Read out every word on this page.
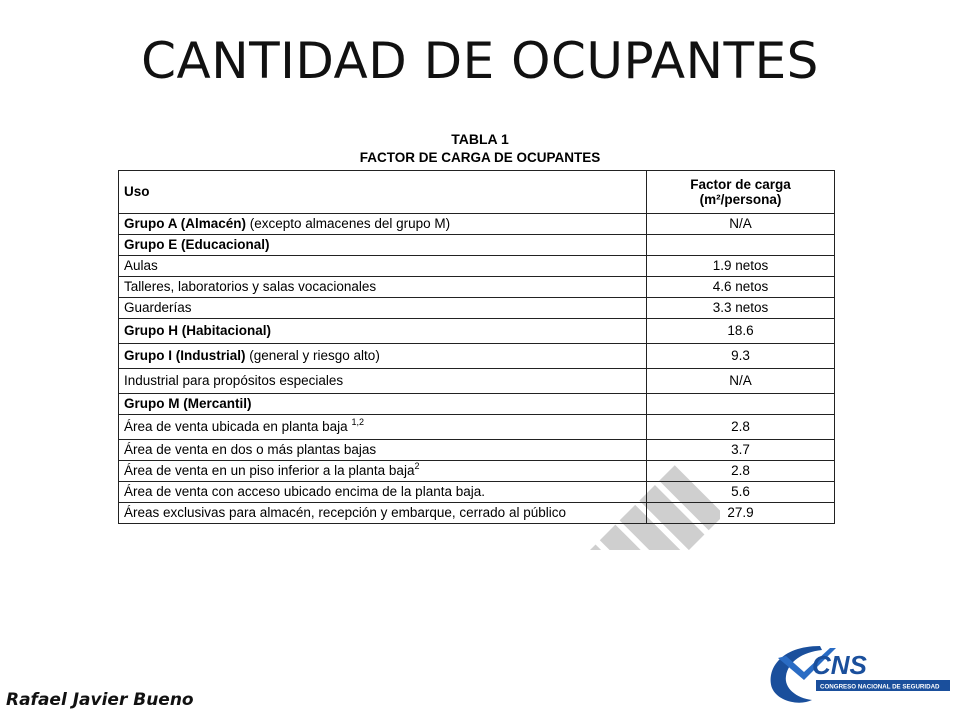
CANTIDAD DE OCUPANTES
TABLA 1
FACTOR DE CARGA DE OCUPANTES
Uso	Factor de carga
(m²/persona)
Grupo A (Almacén) (excepto almacenes del grupo M)	N/A
Grupo E (Educacional)	
Aulas	1.9 netos
Talleres, laboratorios y salas vocacionales	4.6 netos
Guarderías	3.3 netos
Grupo H (Habitacional)	18.6
Grupo I (Industrial) (general y riesgo alto)	9.3
Industrial para propósitos especiales	N/A
Grupo M (Mercantil)	
Área de venta ubicada en planta baja $^{1,2}$	2.8
Área de venta en dos o más plantas bajas	3.7
Área de venta en un piso inferior a la planta baja$^2$	2.8
Área de venta con acceso ubicado encima de la planta baja.	5.6
Áreas exclusivas para almacén, recepción y embarque, cerrado al público	27.9
Rafael Javier Bueno
CNS
CONGRESO NACIONAL DE SEGURIDAD
